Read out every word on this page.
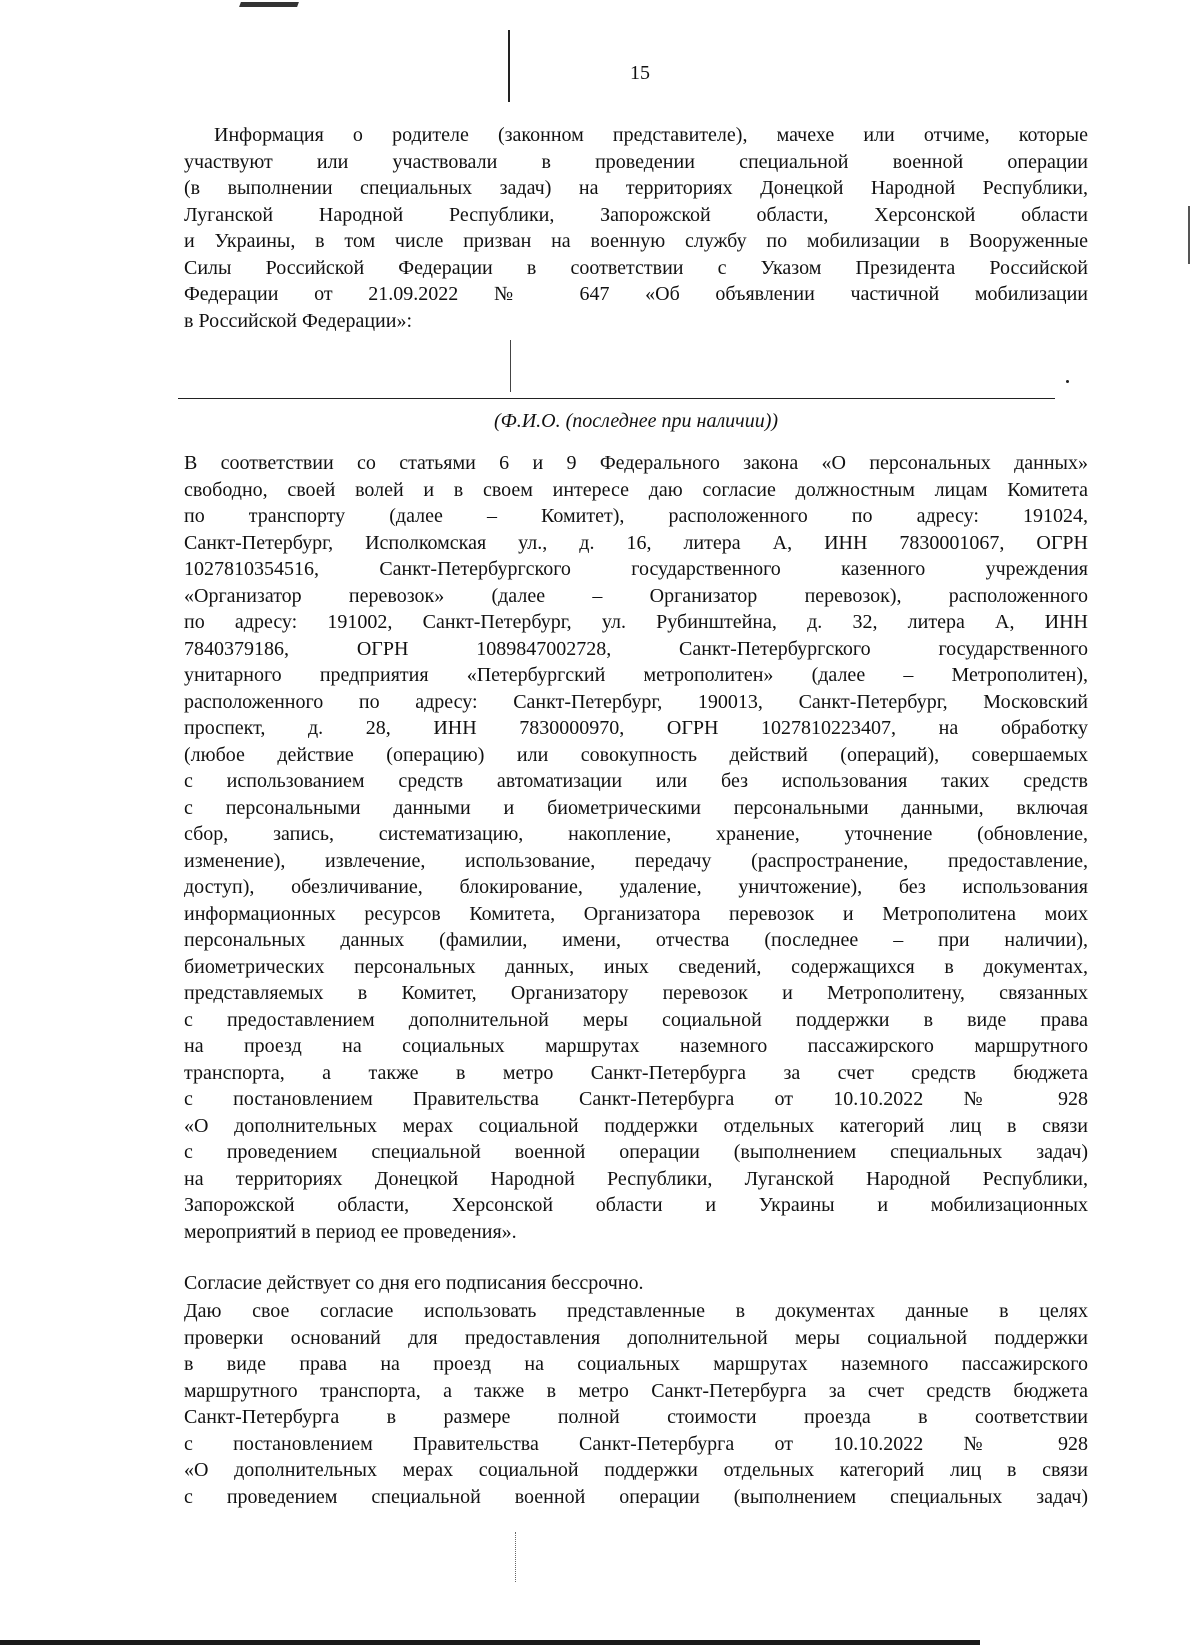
15
Информация о родителе (законном представителе), мачехе или отчиме, которые
участвуют или участвовали в проведении специальной военной операции
(в выполнении специальных задач) на территориях Донецкой Народной Республики,
Луганской Народной Республики, Запорожской области, Херсонской области
и Украины, в том числе призван на военную службу по мобилизации в Вооруженные
Силы Российской Федерации в соответствии с Указом Президента Российской
Федерации от 21.09.2022 № 647 «Об объявлении частичной мобилизации
в Российской Федерации»:
(Ф.И.О. (последнее при наличии))
В соответствии со статьями 6 и 9 Федерального закона «О персональных данных»
свободно, своей волей и в своем интересе даю согласие должностным лицам Комитета
по транспорту (далее – Комитет), расположенного по адресу: 191024,
Санкт-Петербург, Исполкомская ул., д. 16, литера А, ИНН 7830001067, ОГРН
1027810354516, Санкт-Петербургского государственного казенного учреждения
«Организатор перевозок» (далее – Организатор перевозок), расположенного
по адресу: 191002, Санкт-Петербург, ул. Рубинштейна, д. 32, литера А, ИНН
7840379186, ОГРН 1089847002728, Санкт-Петербургского государственного
унитарного предприятия «Петербургский метрополитен» (далее – Метрополитен),
расположенного по адресу: Санкт-Петербург, 190013, Санкт-Петербург, Московский
проспект, д. 28, ИНН 7830000970, ОГРН 1027810223407, на обработку
(любое действие (операцию) или совокупность действий (операций), совершаемых
с использованием средств автоматизации или без использования таких средств
с персональными данными и биометрическими персональными данными, включая
сбор, запись, систематизацию, накопление, хранение, уточнение (обновление,
изменение), извлечение, использование, передачу (распространение, предоставление,
доступ), обезличивание, блокирование, удаление, уничтожение), без использования
информационных ресурсов Комитета, Организатора перевозок и Метрополитена моих
персональных данных (фамилии, имени, отчества (последнее – при наличии),
биометрических персональных данных, иных сведений, содержащихся в документах,
представляемых в Комитет, Организатору перевозок и Метрополитену, связанных
с предоставлением дополнительной меры социальной поддержки в виде права
на проезд на социальных маршрутах наземного пассажирского маршрутного
транспорта, а также в метро Санкт-Петербурга за счет средств бюджета
с постановлением Правительства Санкт-Петербурга от 10.10.2022 № 928
«О дополнительных мерах социальной поддержки отдельных категорий лиц в связи
с проведением специальной военной операции (выполнением специальных задач)
на территориях Донецкой Народной Республики, Луганской Народной Республики,
Запорожской области, Херсонской области и Украины и мобилизационных
мероприятий в период ее проведения».
Согласие действует со дня его подписания бессрочно.
Даю свое согласие использовать представленные в документах данные в целях
проверки оснований для предоставления дополнительной меры социальной поддержки
в виде права на проезд на социальных маршрутах наземного пассажирского
маршрутного транспорта, а также в метро Санкт-Петербурга за счет средств бюджета
Санкт-Петербурга в размере полной стоимости проезда в соответствии
с постановлением Правительства Санкт-Петербурга от 10.10.2022 № 928
«О дополнительных мерах социальной поддержки отдельных категорий лиц в связи
с проведением специальной военной операции (выполнением специальных задач)
